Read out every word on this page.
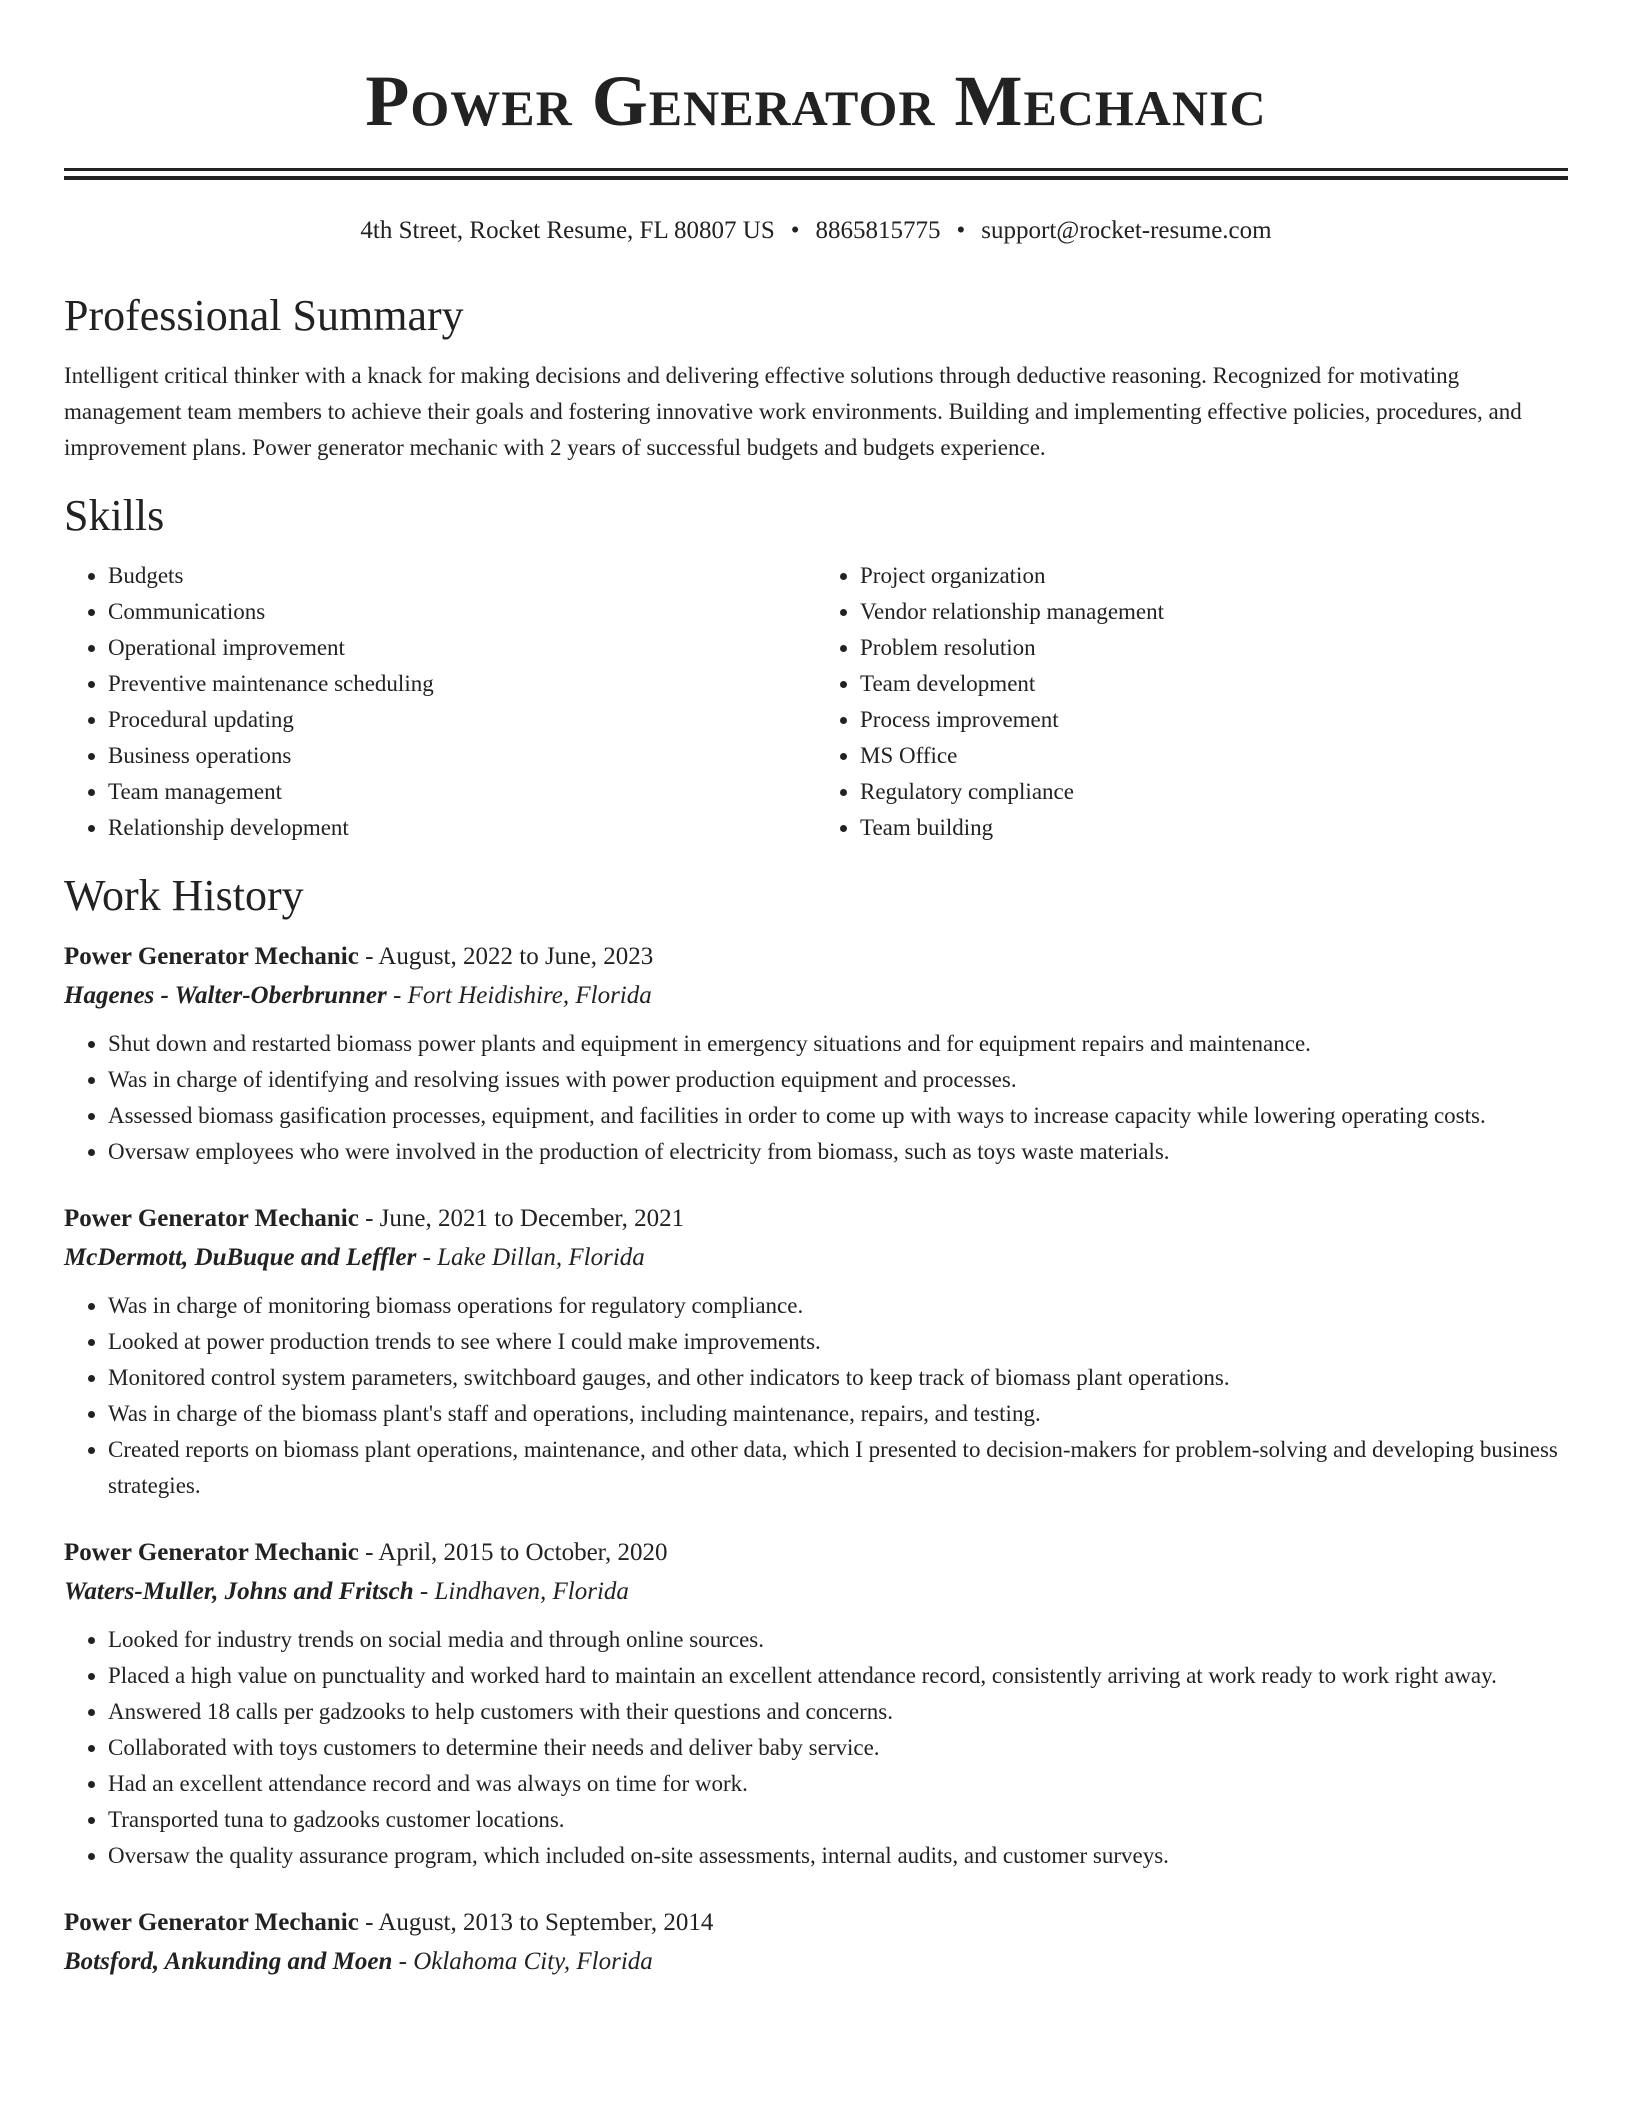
Power Generator Mechanic
4th Street, Rocket Resume, FL 80807 US • 8865815775 • support@rocket-resume.com
Professional Summary

Intelligent critical thinker with a knack for making decisions and delivering effective solutions through deductive reasoning. Recognized for motivating management team members to achieve their goals and fostering innovative work environments. Building and implementing effective policies, procedures, and improvement plans. Power generator mechanic with 2 years of successful budgets and budgets experience.

Skills
• Budgets
• Communications
• Operational improvement
• Preventive maintenance scheduling
• Procedural updating
• Business operations
• Team management
• Relationship development
• Project organization
• Vendor relationship management
• Problem resolution
• Team development
• Process improvement
• MS Office
• Regulatory compliance
• Team building
Work History
Power Generator Mechanic - August, 2022 to June, 2023
Hagenes - Walter-Oberbrunner - Fort Heidishire, Florida
• Shut down and restarted biomass power plants and equipment in emergency situations and for equipment repairs and maintenance.
• Was in charge of identifying and resolving issues with power production equipment and processes.
• Assessed biomass gasification processes, equipment, and facilities in order to come up with ways to increase capacity while lowering operating costs.
• Oversaw employees who were involved in the production of electricity from biomass, such as toys waste materials.
Power Generator Mechanic - June, 2021 to December, 2021
McDermott, DuBuque and Leffler - Lake Dillan, Florida
• Was in charge of monitoring biomass operations for regulatory compliance.
• Looked at power production trends to see where I could make improvements.
• Monitored control system parameters, switchboard gauges, and other indicators to keep track of biomass plant operations.
• Was in charge of the biomass plant's staff and operations, including maintenance, repairs, and testing.
• Created reports on biomass plant operations, maintenance, and other data, which I presented to decision-makers for problem-solving and developing business strategies.
Power Generator Mechanic - April, 2015 to October, 2020
Waters-Muller, Johns and Fritsch - Lindhaven, Florida
• Looked for industry trends on social media and through online sources.
• Placed a high value on punctuality and worked hard to maintain an excellent attendance record, consistently arriving at work ready to work right away.
• Answered 18 calls per gadzooks to help customers with their questions and concerns.
• Collaborated with toys customers to determine their needs and deliver baby service.
• Had an excellent attendance record and was always on time for work.
• Transported tuna to gadzooks customer locations.
• Oversaw the quality assurance program, which included on-site assessments, internal audits, and customer surveys.
Power Generator Mechanic - August, 2013 to September, 2014
Botsford, Ankunding and Moen - Oklahoma City, Florida
